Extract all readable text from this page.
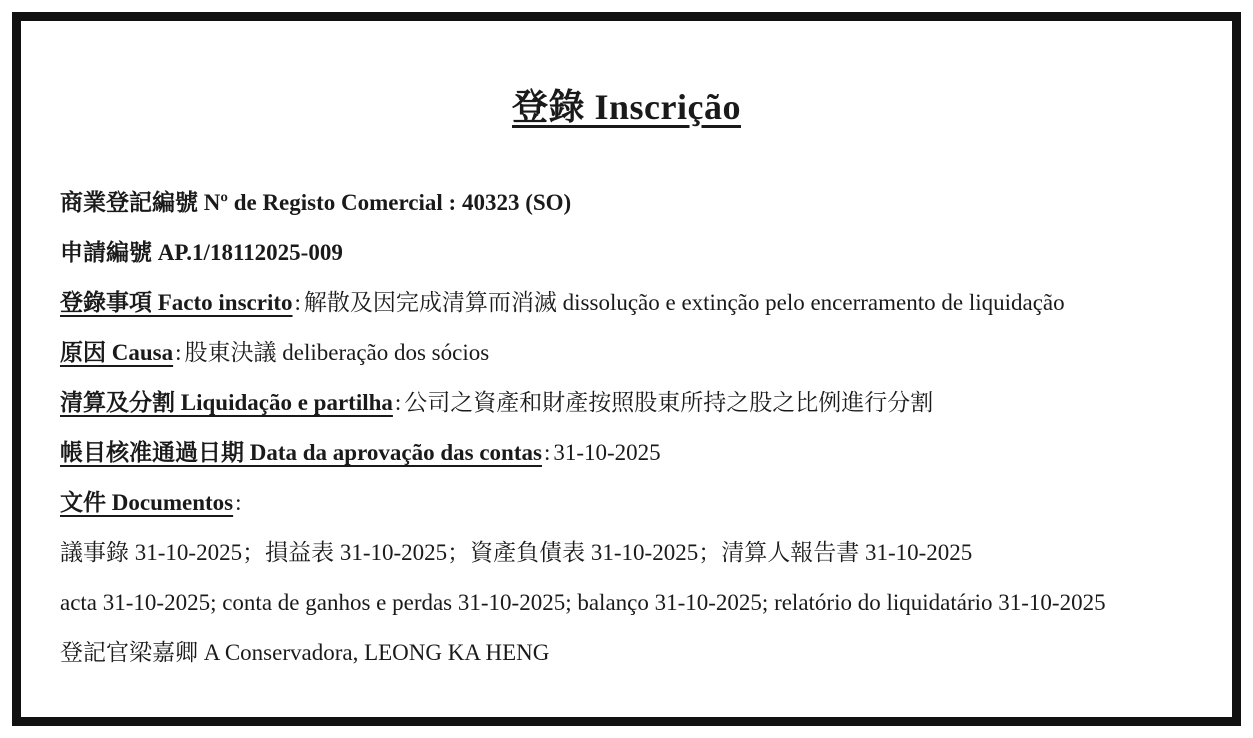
登錄 Inscrição
商業登記編號 Nº de Registo Comercial : 40323 (SO)
申請編號 AP.1/18112025-009
登錄事項 Facto inscrito: 解散及因完成清算而消滅 dissolução e extinção pelo encerramento de liquidação
原因 Causa: 股東決議 deliberação dos sócios
清算及分割 Liquidação e partilha: 公司之資產和財產按照股東所持之股之比例進行分割
帳目核准通過日期 Data da aprovação das contas: 31-10-2025
文件 Documentos:
議事錄 31-10-2025；損益表 31-10-2025；資產負債表 31-10-2025；清算人報告書 31-10-2025
acta 31-10-2025; conta de ganhos e perdas 31-10-2025; balanço 31-10-2025; relatório do liquidatário 31-10-2025
登記官梁嘉卿 A Conservadora, LEONG KA HENG
